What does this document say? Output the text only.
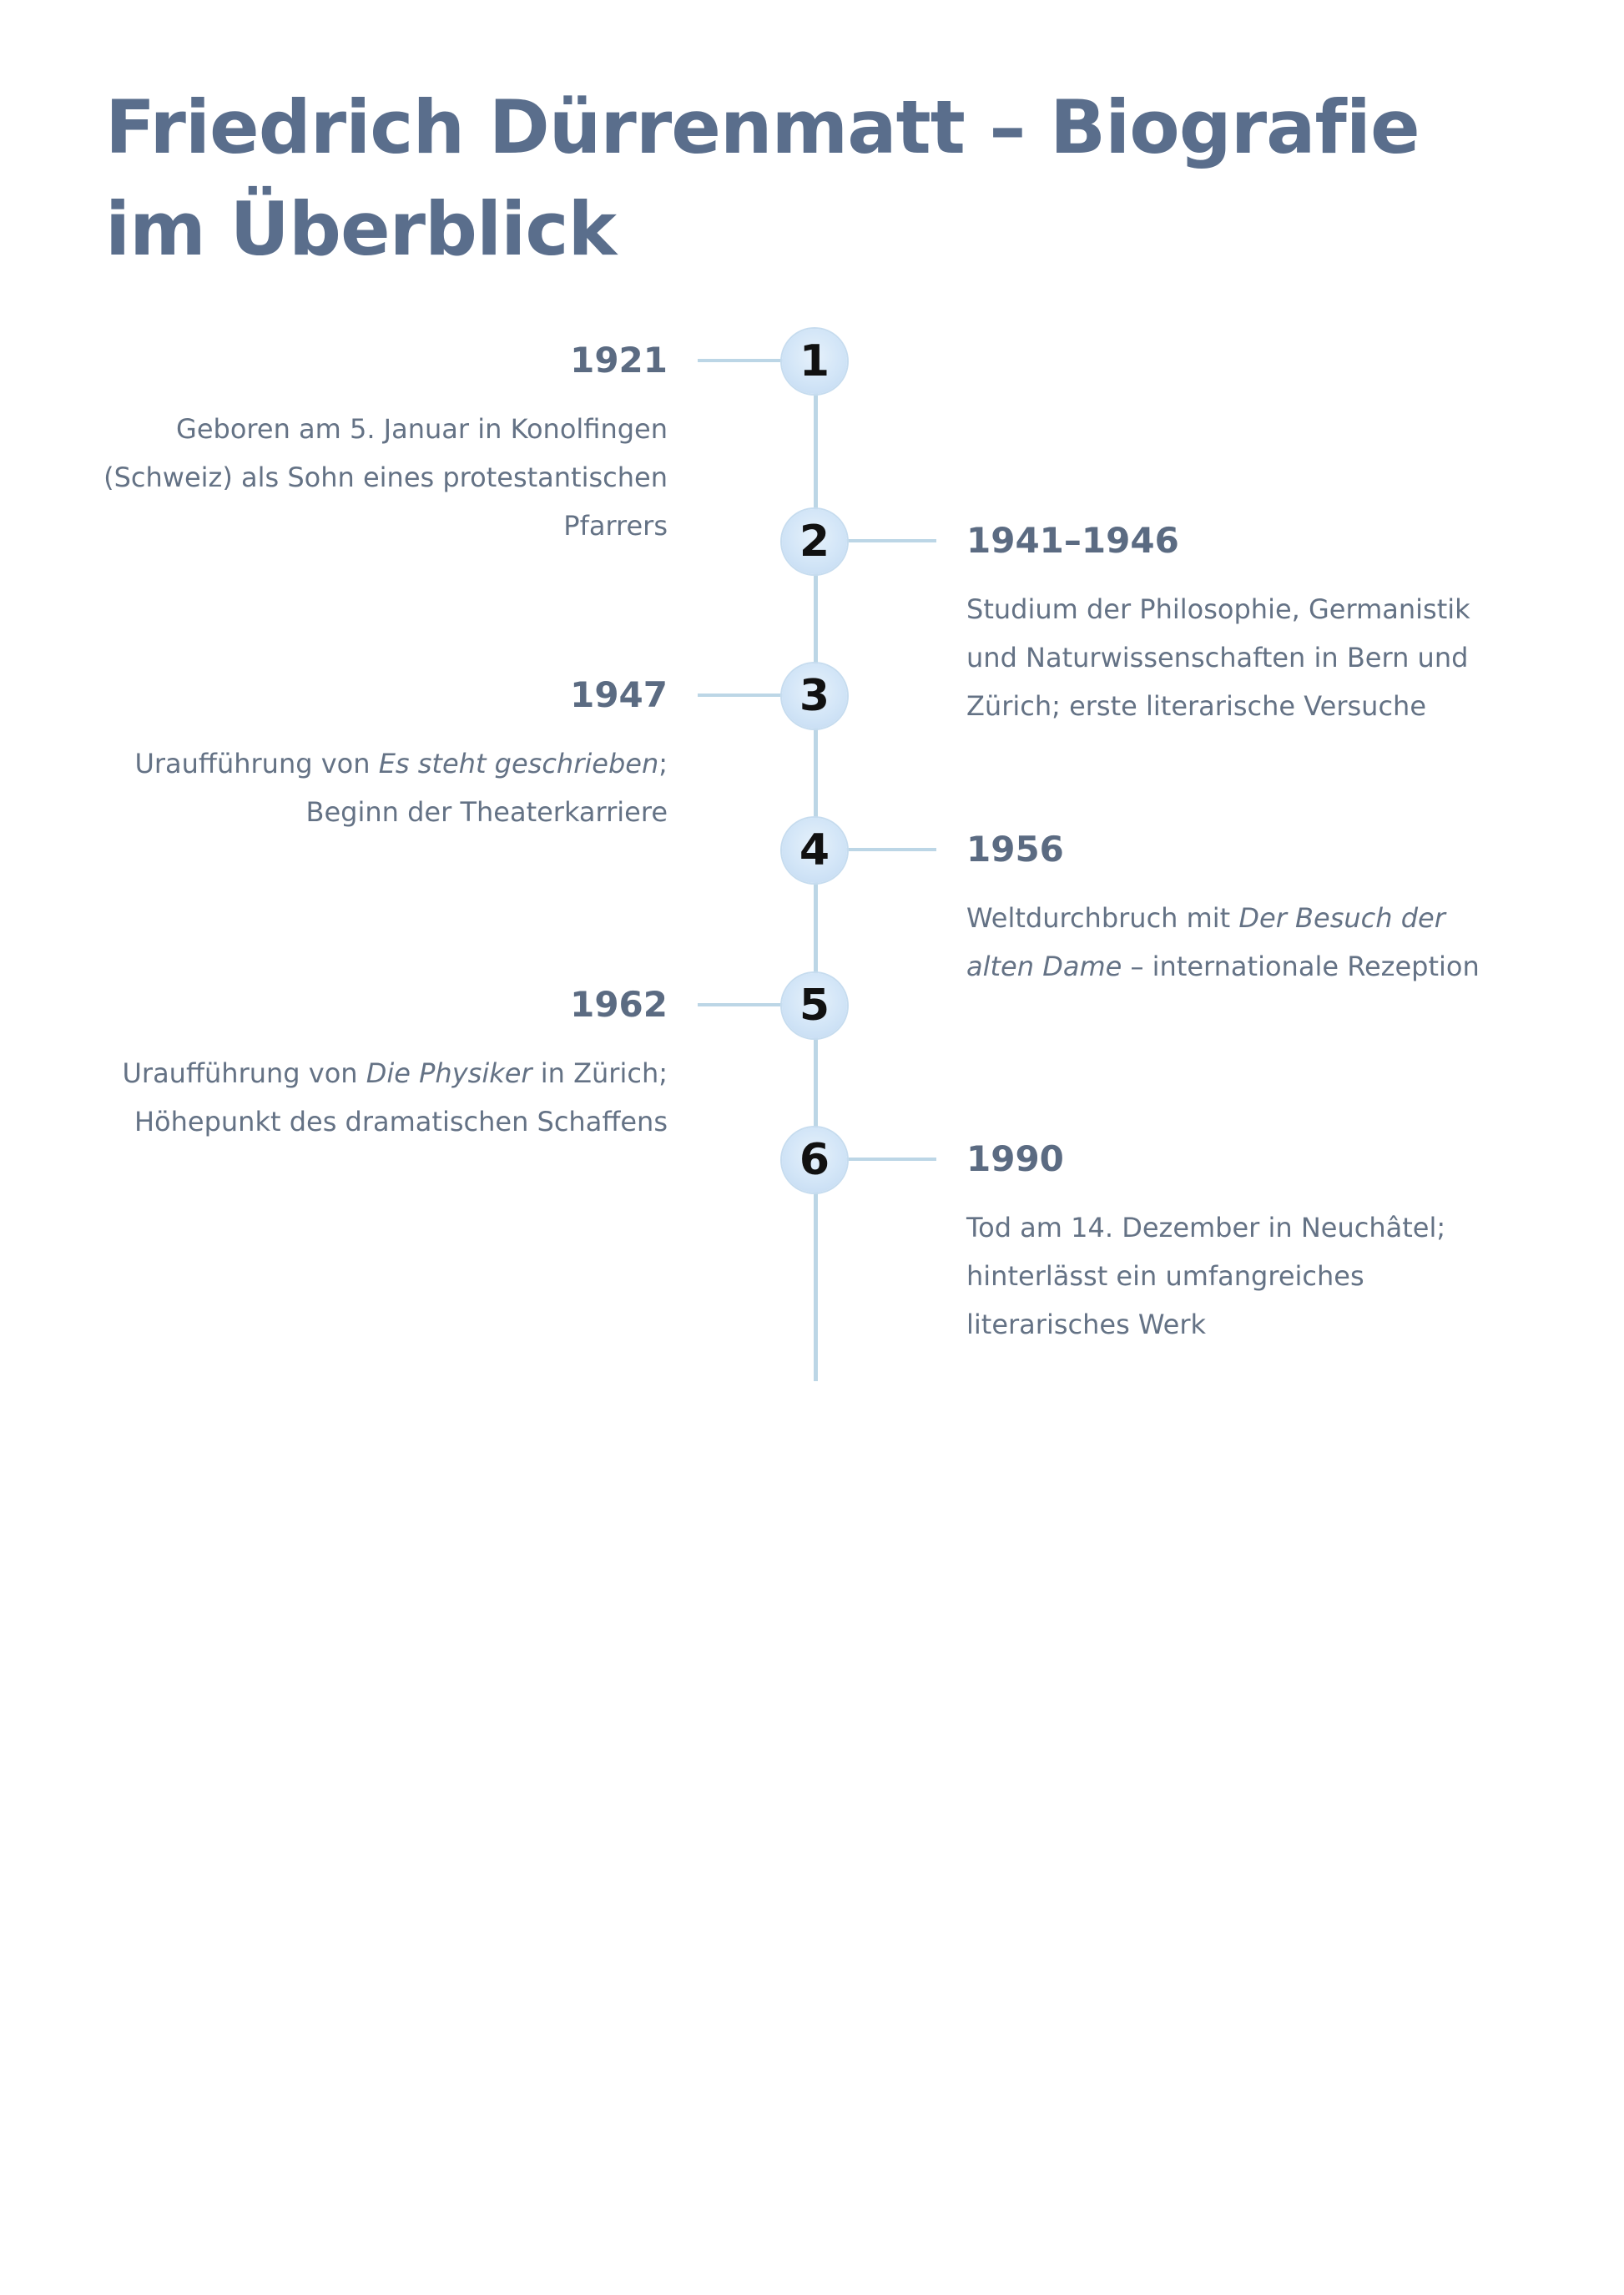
Friedrich Dürrenmatt – Biografie im Überblick
1
1921

Geboren am 5. Januar in Konolfingen (Schweiz) als Sohn eines protestantischen Pfarrers	2	1941–1946

Studium der Philosophie, Germanistik und Naturwissenschaften in Bern und Zürich; erste literarische Versuche

3
1947

Uraufführung von Es steht geschrieben; Beginn der Theaterkarriere

4	1956

Weltdurchbruch mit Der Besuch der alten Dame – internationale Rezeption

5
1962

Uraufführung von Die Physiker in Zürich; Höhepunkt des dramatischen Schaffens

6	1990

Tod am 14. Dezember in Neuchâtel; hinterlässt ein umfangreiches literarisches Werk
